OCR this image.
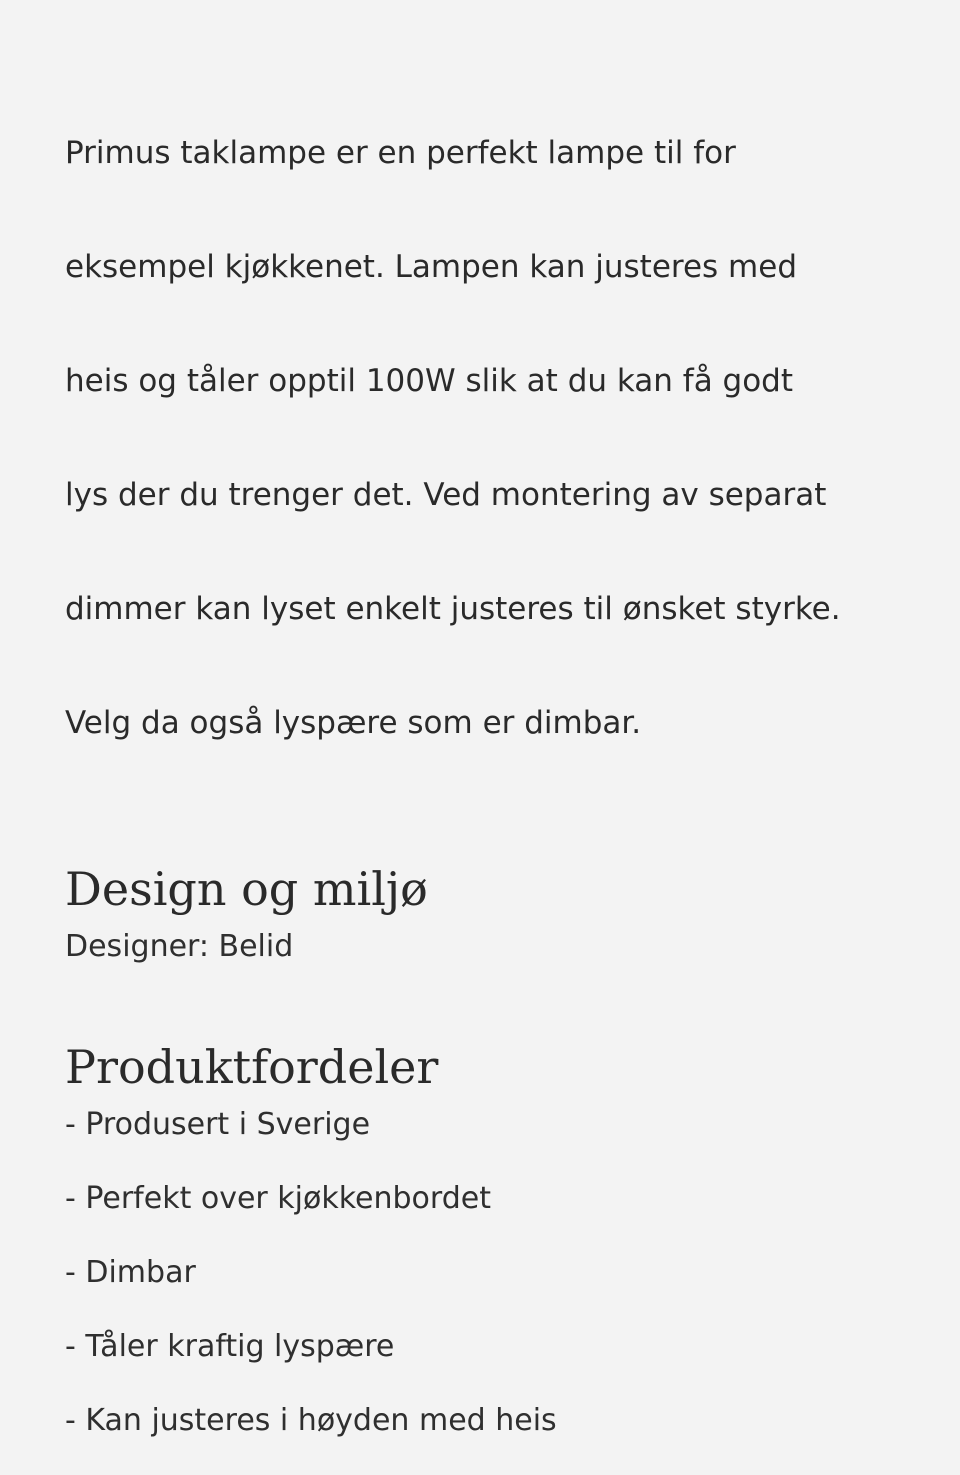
Primus taklampe er en perfekt lampe til for

eksempel kjøkkenet. Lampen kan justeres med

heis og tåler opptil 100W slik at du kan få godt

lys der du trenger det. Ved montering av separat

dimmer kan lyset enkelt justeres til ønsket styrke.

Velg da også lyspære som er dimbar.

Design og miljø

Designer: Belid

Produktfordeler
- Produsert i Sverige
- Perfekt over kjøkkenbordet
- Dimbar
- Tåler kraftig lyspære
- Kan justeres i høyden med heis
